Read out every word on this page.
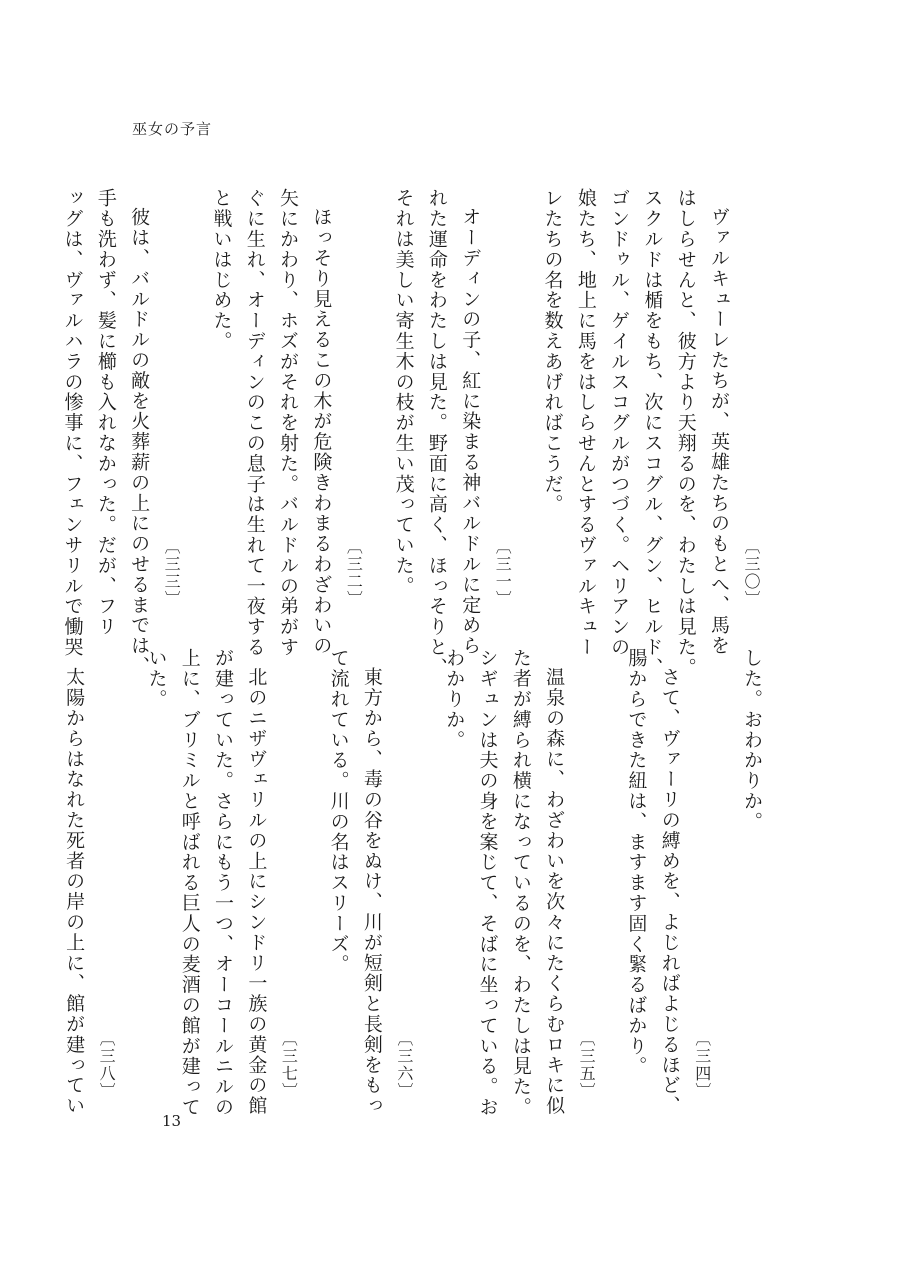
巫女の予言
〔三〇〕
ヴァルキューレたちが、英雄たちのもとへ、馬を
はしらせんと、彼方より天翔るのを、わたしは見た。
スクルドは楯をもち、次にスコグル、グン、ヒルド、
ゴンドゥル、ゲイルスコグルがつづく。ヘリアンの
娘たち、地上に馬をはしらせんとするヴァルキュー
レたちの名を数えあげればこうだ。
〔三一〕
オーディンの子、紅に染まる神バルドルに定めら
れた運命をわたしは見た。野面に高く、ほっそりと、
それは美しい寄生木の枝が生い茂っていた。
〔三二〕
ほっそり見えるこの木が危険きわまるわざわいの
矢にかわり、ホズがそれを射た。バルドルの弟がす
ぐに生れ、オーディンのこの息子は生れて一夜する
と戦いはじめた。
〔三三〕
彼は、バルドルの敵を火葬薪の上にのせるまでは、
手も洗わず、髪に櫛も入れなかった。だが、フリ
ッグは、ヴァルハラの惨事に、フェンサリルで慟哭
した。おわかりか。
〔三四〕
さて、ヴァーリの縛めを、よじればよじるほど、
腸からできた紐は、ますます固く緊るばかり。
〔三五〕
温泉の森に、わざわいを次々にたくらむロキに似
た者が縛られ横になっているのを、わたしは見た。
シギュンは夫の身を案じて、そばに坐っている。お
わかりか。
〔三六〕
東方から、毒の谷をぬけ、川が短剣と長剣をもっ
て流れている。川の名はスリーズ。
〔三七〕
北のニザヴェリルの上にシンドリ一族の黄金の館
が建っていた。さらにもう一つ、オーコールニルの
上に、ブリミルと呼ばれる巨人の麦酒の館が建って
いた。
〔三八〕
太陽からはなれた死者の岸の上に、館が建ってい
13
